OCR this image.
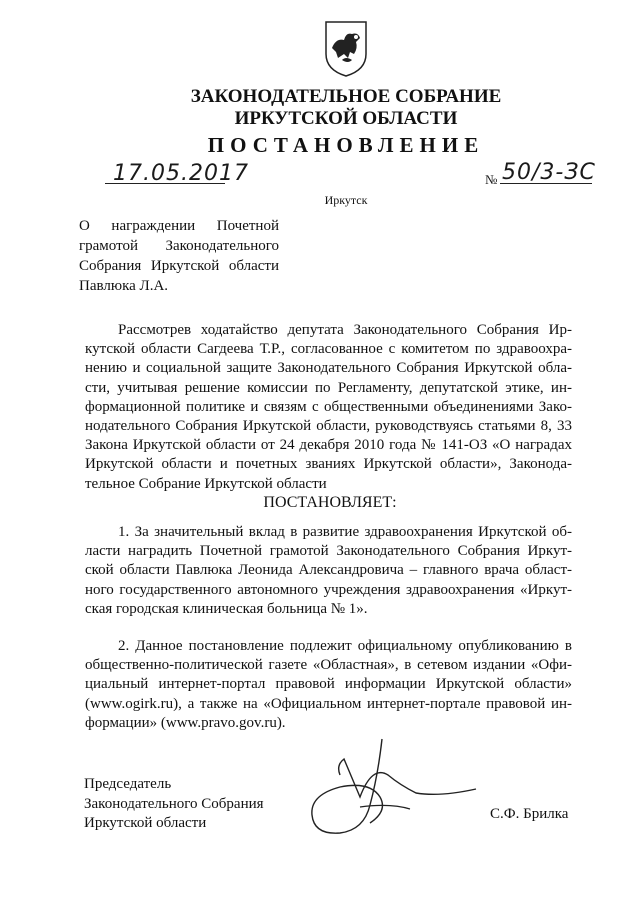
ЗАКОНОДАТЕЛЬНОЕ СОБРАНИЕ
ИРКУТСКОЙ ОБЛАСТИ
ПОСТАНОВЛЕНИЕ
17.05.2017	№ 50/3-ЗС
Иркутск
О награждении Почетной
грамотой Законодательного
Собрания Иркутской области
Павлюка Л.А.
Рассмотрев ходатайство депутата Законодательного Собрания Ир-
кутской области Сагдеева Т.Р., согласованное с комитетом по здравоохра-
нению и социальной защите Законодательного Собрания Иркутской обла-
сти, учитывая решение комиссии по Регламенту, депутатской этике, ин-
формационной политике и связям с общественными объединениями Зако-
нодательного Собрания Иркутской области, руководствуясь статьями 8, 33
Закона Иркутской области от 24 декабря 2010 года № 141-ОЗ «О наградах
Иркутской области и почетных званиях Иркутской области», Законода-
тельное Собрание Иркутской области
ПОСТАНОВЛЯЕТ:
1. За значительный вклад в развитие здравоохранения Иркутской об-
ласти наградить Почетной грамотой Законодательного Собрания Иркут-
ской области Павлюка Леонида Александровича – главного врача област-
ного государственного автономного учреждения здравоохранения «Иркут-
ская городская клиническая больница № 1».
2. Данное постановление подлежит официальному опубликованию в
общественно-политической газете «Областная», в сетевом издании «Офи-
циальный интернет-портал правовой информации Иркутской области»
(www.ogirk.ru), а также на «Официальном интернет-портале правовой ин-
формации» (www.pravo.gov.ru).
Председатель
Законодательного Собрания
Иркутской области
С.Ф. Брилка
